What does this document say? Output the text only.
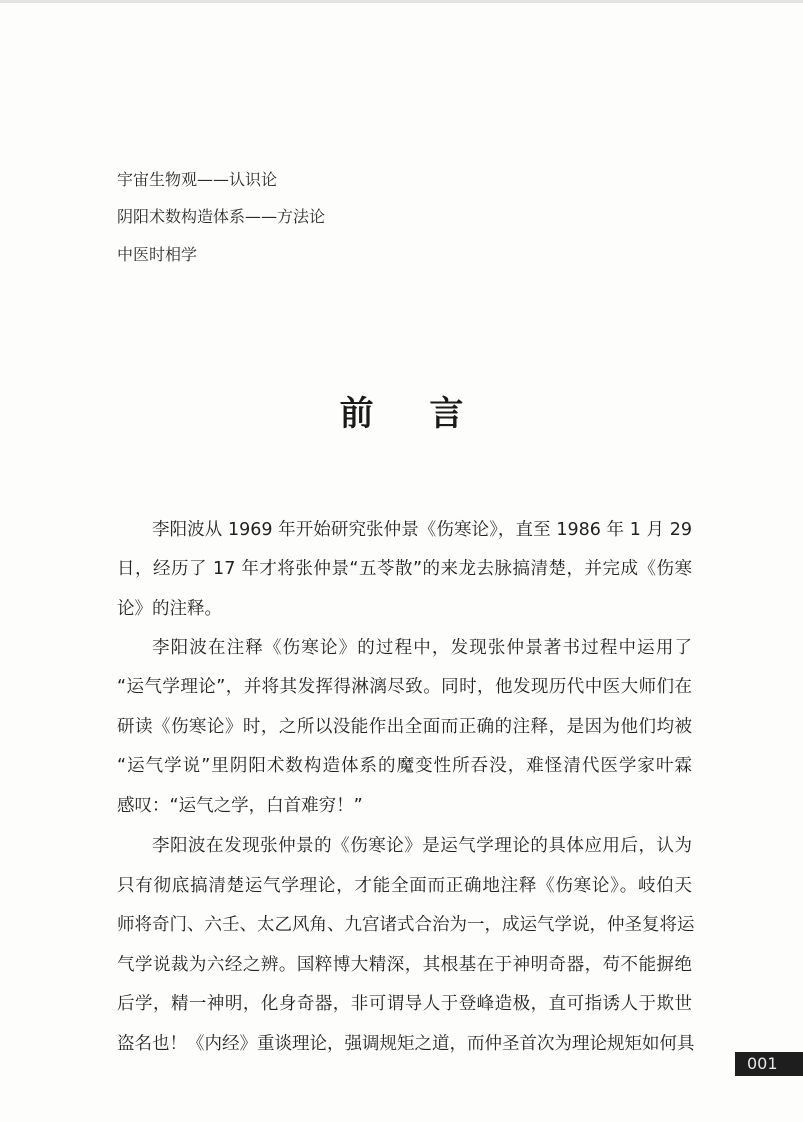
宇宙生物观——认识论
阴阳术数构造体系——方法论
中医时相学
前 言
李阳波从 1969 年开始研究张仲景《伤寒论》，直至 1986 年 1 月 29
日，经历了 17 年才将张仲景“五苓散”的来龙去脉搞清楚，并完成《伤寒
论》的注释。
李阳波在注释《伤寒论》的过程中，发现张仲景著书过程中运用了
“运气学理论”，并将其发挥得淋漓尽致。同时，他发现历代中医大师们在
研读《伤寒论》时，之所以没能作出全面而正确的注释，是因为他们均被
“运气学说”里阴阳术数构造体系的魔变性所吞没，难怪清代医学家叶霖
感叹：“运气之学，白首难穷！”
李阳波在发现张仲景的《伤寒论》是运气学理论的具体应用后，认为
只有彻底搞清楚运气学理论，才能全面而正确地注释《伤寒论》。岐伯天
师将奇门、六壬、太乙风角、九宫诸式合治为一，成运气学说，仲圣复将运
气学说裁为六经之辨。国粹博大精深，其根基在于神明奇器，苟不能摒绝
后学，精一神明，化身奇器，非可谓导人于登峰造极，直可指诱人于欺世
盗名也！《内经》重谈理论，强调规矩之道，而仲圣首次为理论规矩如何具
001
